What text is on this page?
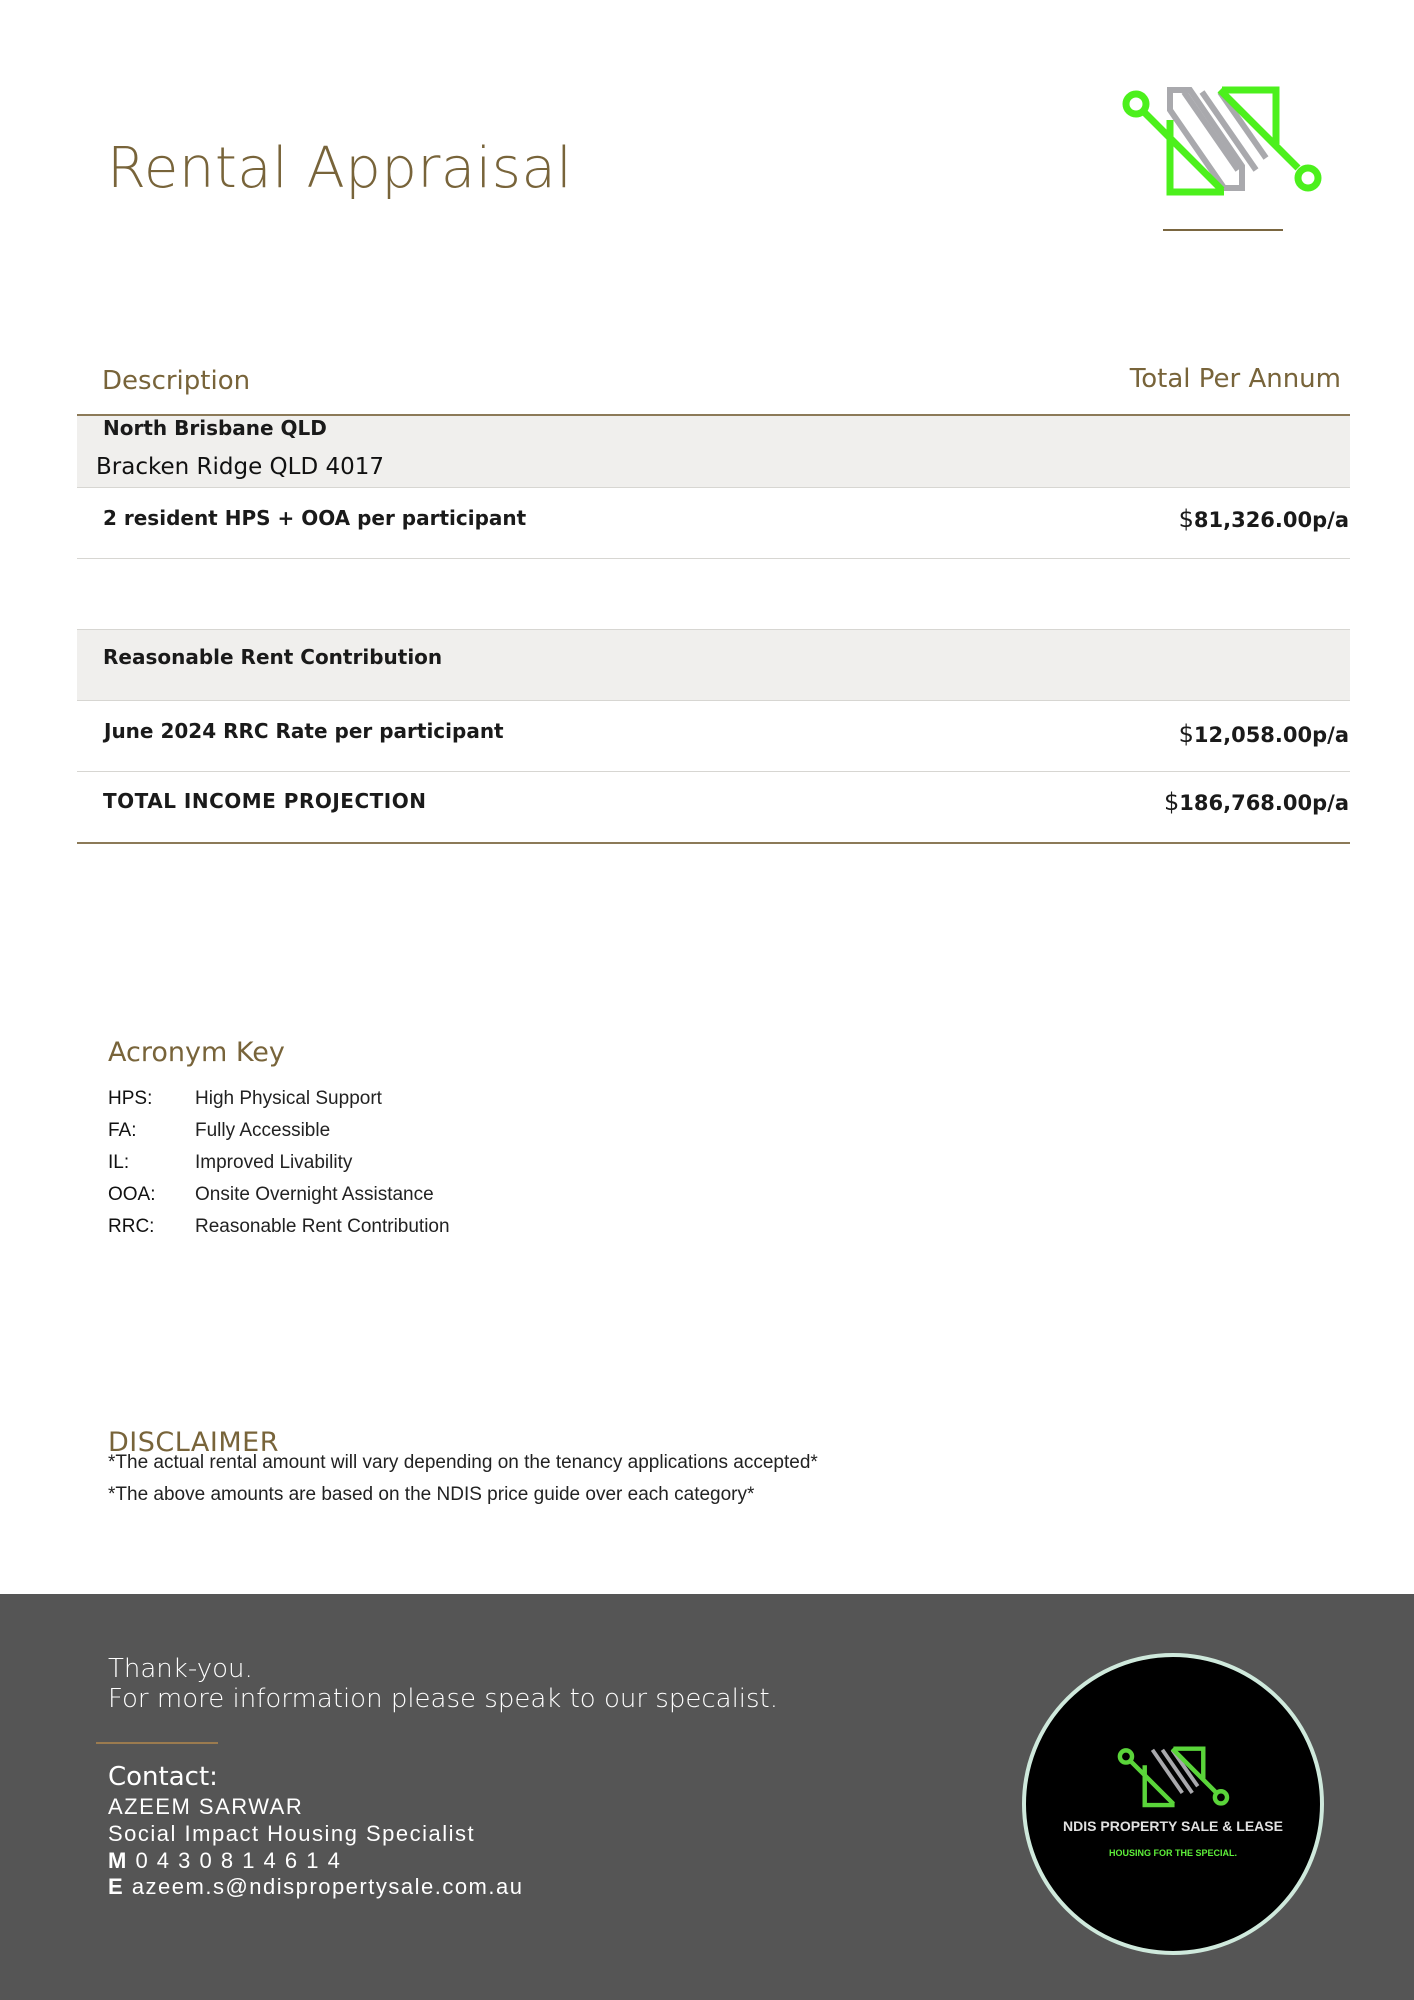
Rental Appraisal
Description	Total Per Annum
North Brisbane QLD
Bracken Ridge QLD 4017
2 resident HPS + OOA per participant	$81,326.00p/a
Reasonable Rent Contribution
June 2024 RRC Rate per participant	$12,058.00p/a
TOTAL INCOME PROJECTION	$186,768.00p/a
Acronym Key
HPS: High Physical Support
FA:	Fully Accessible
IL:	Improved Livability
OOA: Onsite Overnight Assistance
RRC: Reasonable Rent Contribution
DISCLAIMER
*The actual rental amount will vary depending on the tenancy applications accepted*
*The above amounts are based on the NDIS price guide over each category*
Thank-you.
For more information please speak to our specalist.
Contact:
AZEEM SARWAR
Social Impact Housing Specialist
M 0 4 3 0 8 1 4 6 1 4
E azeem.s@ndispropertysale.com.au
NDIS PROPERTY SALE & LEASE
HOUSING FOR THE SPECIAL.
